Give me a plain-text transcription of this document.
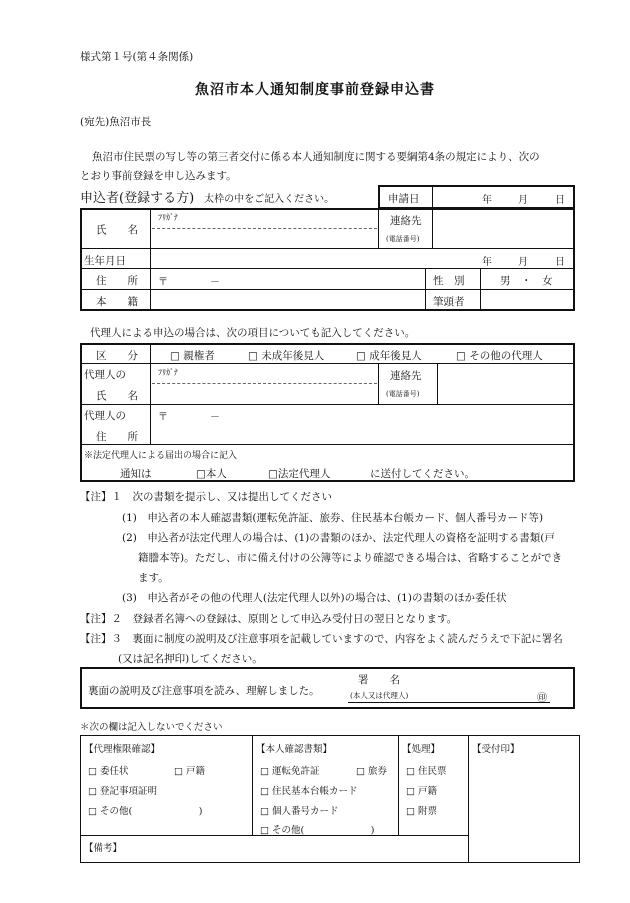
様式第１号(第４条関係)
魚沼市本人通知制度事前登録申込書
(宛先)魚沼市長
魚沼市住民票の写し等の第三者交付に係る本人通知制度に関する要綱第4条の規定により、次の
とおり事前登録を申し込みます。
申込者(登録する方) 太枠の中をご記入ください。	申請日	年	月	日
氏　　名
ﾌﾘｶﾞﾅ	連絡先
(電話番号)
生年月日	年	月	日
住　　所 〒	－	性　別	男　・　女
本　　籍	筆頭者
代理人による申込の場合は、次の項目についても記入してください。
区　　分	□ 親権者	□ 未成年後見人	□ 成年後見人	□ その他の代理人
代理人の
氏　　名
ﾌﾘｶﾞﾅ	連絡先
(電話番号)
代理人の
住　　所
〒	－
※法定代理人による届出の場合に記入
通知は	□本人	□法定代理人	に送付してください。

【注】１　次の書類を提示し、又は提出してください

(1)　申込者の本人確認書類(運転免許証、旅券、住民基本台帳カード、個人番号カード等)

(2)　申込者が法定代理人の場合は、(1)の書類のほか、法定代理人の資格を証明する書類(戸

籍謄本等)。ただし、市に備え付けの公簿等により確認できる場合は、省略することができ

ます。

(3)　申込者がその他の代理人(法定代理人以外)の場合は、(1)の書類のほか委任状

【注】２　登録者名簿への登録は、原則として申込み受付日の翌日となります。

【注】３　裏面に制度の説明及び注意事項を記載していますので、内容をよく読んだうえで下記に署名

(又は記名押印)してください。

裏面の説明及び注意事項を読み、理解しました。
署　　名
(本人又は代理人)	㊞
＊次の欄は記入しないでください
【代理権限確認】
□ 委任状	□ 戸籍
□ 登記事項証明
□ その他(　　　　　　　)
【本人確認書類】
□ 運転免許証	□ 旅券
□ 住民基本台帳カード
□ 個人番号カード
□ その他(　　　　　　　)
【処理】
□ 住民票
□ 戸籍
□ 附票
【受付印】
【備考】
